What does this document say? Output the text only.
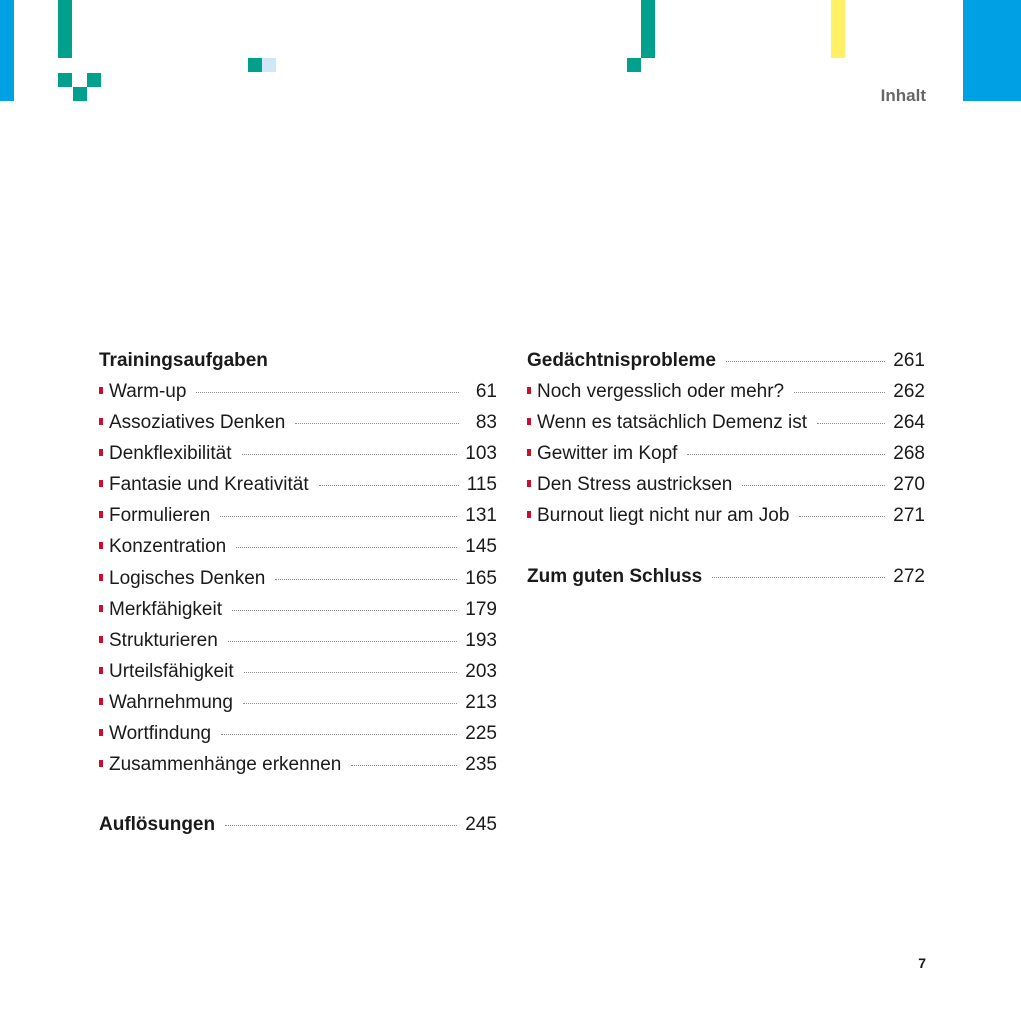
Inhalt
Trainingsaufgaben
Warm-up	61
Assoziatives Denken	83
Denkflexibilität	103
Fantasie und Kreativität	115
Formulieren	131
Konzentration	145
Logisches Denken	165
Merkfähigkeit	179
Strukturieren	193
Urteilsfähigkeit	203
Wahrnehmung	213
Wortfindung	225
Zusammenhänge erkennen	235
Auflösungen	245
Gedächtnisprobleme	261
Noch vergesslich oder mehr?	262
Wenn es tatsächlich Demenz ist	264
Gewitter im Kopf	268
Den Stress austricksen	270
Burnout liegt nicht nur am Job	271
Zum guten Schluss	272
7
